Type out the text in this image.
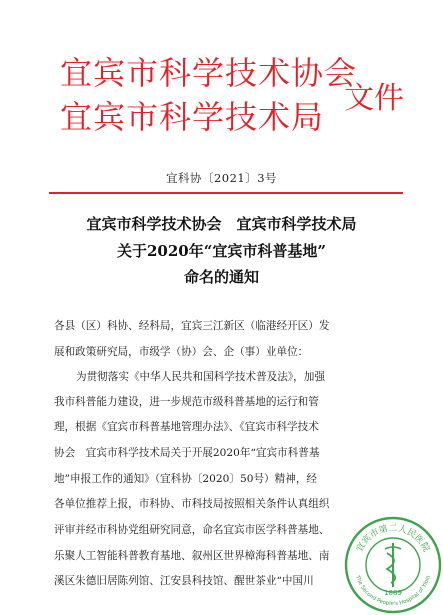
宜宾市科学技术协会
宜宾市科学技术局 文件
宜科协〔2021〕3号
宜宾市科学技术协会　宜宾市科学技术局
关于2020年“宜宾市科普基地”
命名的通知
各县（区）科协、经科局，宜宾三江新区（临港经开区）发
展和政策研究局，市级学（协）会、企（事）业单位：
为贯彻落实《中华人民共和国科学技术普及法》，加强
我市科普能力建设，进一步规范市级科普基地的运行和管
理，根据《宜宾市科普基地管理办法》、《宜宾市科学技术
协会　宜宾市科学技术局关于开展2020年“宜宾市科普基
地”申报工作的通知》（宜科协〔2020〕50号）精神，经
各单位推荐上报，市科协、市科技局按照相关条件认真组织
评审并经市科协党组研究同意，命名宜宾市医学科普基地、
乐聚人工智能科普教育基地、叙州区世界樟海科普基地、南
溪区朱德旧居陈列馆、江安县科技馆、醒世茶业“中国川
宜宾市第二人民医院
The Second People's Hospital of Yibin
1889
